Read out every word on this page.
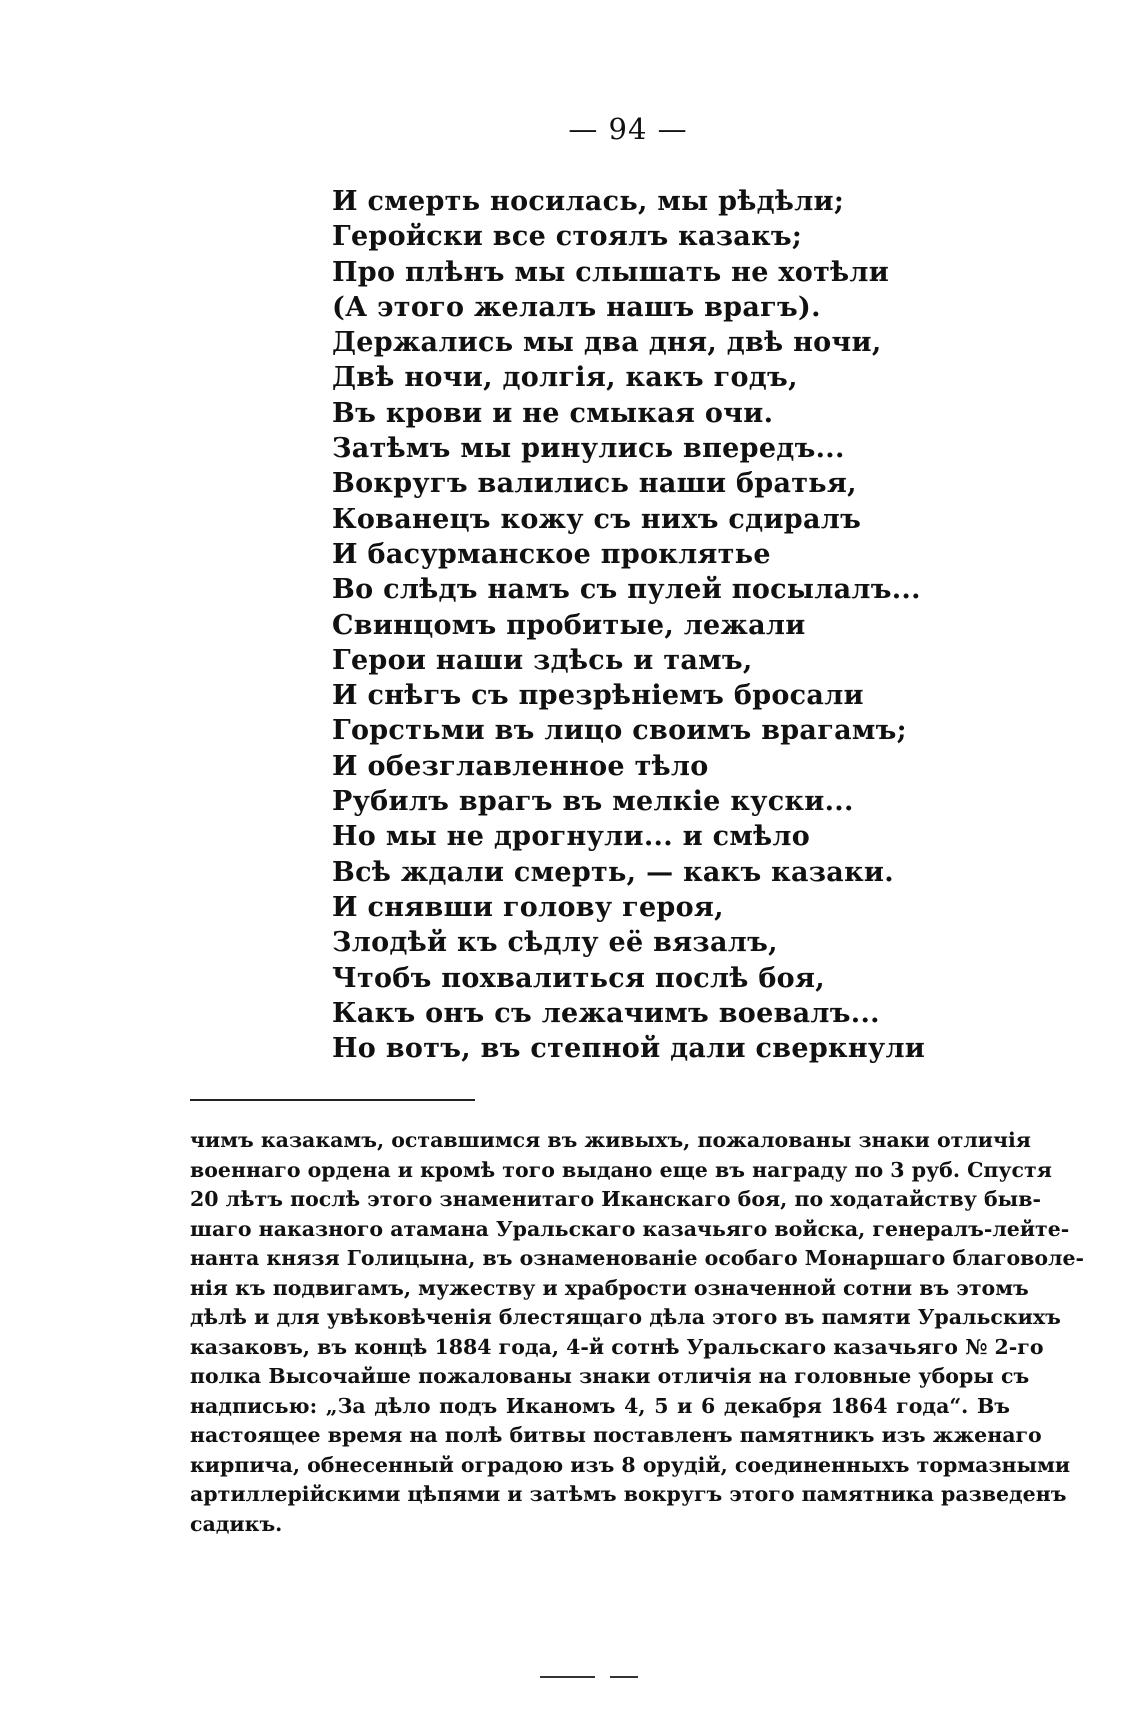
— 94 —
И смерть носилась, мы рѣдѣли;
Геройски все стоялъ казакъ;
Про плѣнъ мы слышать не хотѣли
(А этого желалъ нашъ врагъ).
Держались мы два дня, двѣ ночи,
Двѣ ночи, долгія, какъ годъ,
Въ крови и не смыкая очи.
Затѣмъ мы ринулись впередъ...
Вокругъ валились наши братья,
Кованецъ кожу съ нихъ сдиралъ
И басурманское проклятье
Во слѣдъ намъ съ пулей посылалъ...
Свинцомъ пробитые, лежали
Герои наши здѣсь и тамъ,
И снѣгъ съ презрѣніемъ бросали
Горстьми въ лицо своимъ врагамъ;
И обезглавленное тѣло
Рубилъ врагъ въ мелкіе куски...
Но мы не дрогнули... и смѣло
Всѣ ждали смерть, — какъ казаки.
И снявши голову героя,
Злодѣй къ сѣдлу её вязалъ,
Чтобъ похвалиться послѣ боя,
Какъ онъ съ лежачимъ воевалъ...
Но вотъ, въ степной дали сверкнули
чимъ казакамъ, оставшимся въ живыхъ, пожалованы знаки отличія
военнаго ордена и кромѣ того выдано еще въ награду по 3 руб. Спустя
20 лѣтъ послѣ этого знаменитаго Иканскаго боя, по ходатайству быв-
шаго наказного атамана Уральскаго казачьяго войска, генералъ-лейте-
нанта князя Голицына, въ ознаменованіе особаго Монаршаго благоволе-
нія къ подвигамъ, мужеству и храбрости означенной сотни въ этомъ
дѣлѣ и для увѣковѣченія блестящаго дѣла этого въ памяти Уральскихъ
казаковъ, въ концѣ 1884 года, 4-й сотнѣ Уральскаго казачьяго № 2-го
полка Высочайше пожалованы знаки отличія на головные уборы съ
надписью: „За дѣло подъ Иканомъ 4, 5 и 6 декабря 1864 года“. Въ
настоящее время на полѣ битвы поставленъ памятникъ изъ жженаго
кирпича, обнесенный оградою изъ 8 орудій, соединенныхъ тормазными
артиллерійскими цѣпями и затѣмъ вокругъ этого памятника разведенъ
садикъ.
